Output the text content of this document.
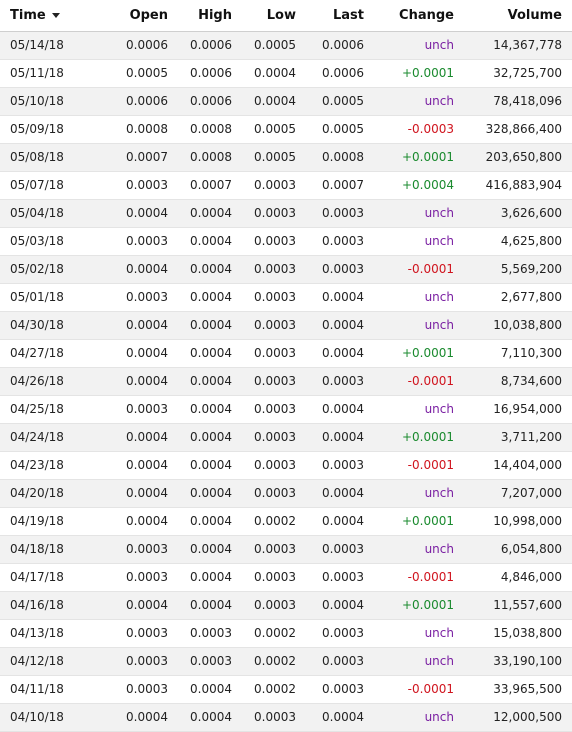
Time	Open	High	Low	Last	Change	Volume
05/14/18	0.0006	0.0006	0.0005	0.0006	unch	14,367,778
05/11/18	0.0005	0.0006	0.0004	0.0006	+0.0001	32,725,700
05/10/18	0.0006	0.0006	0.0004	0.0005	unch	78,418,096
05/09/18	0.0008	0.0008	0.0005	0.0005	-0.0003	328,866,400
05/08/18	0.0007	0.0008	0.0005	0.0008	+0.0001	203,650,800
05/07/18	0.0003	0.0007	0.0003	0.0007	+0.0004	416,883,904
05/04/18	0.0004	0.0004	0.0003	0.0003	unch	3,626,600
05/03/18	0.0003	0.0004	0.0003	0.0003	unch	4,625,800
05/02/18	0.0004	0.0004	0.0003	0.0003	-0.0001	5,569,200
05/01/18	0.0003	0.0004	0.0003	0.0004	unch	2,677,800
04/30/18	0.0004	0.0004	0.0003	0.0004	unch	10,038,800
04/27/18	0.0004	0.0004	0.0003	0.0004	+0.0001	7,110,300
04/26/18	0.0004	0.0004	0.0003	0.0003	-0.0001	8,734,600
04/25/18	0.0003	0.0004	0.0003	0.0004	unch	16,954,000
04/24/18	0.0004	0.0004	0.0003	0.0004	+0.0001	3,711,200
04/23/18	0.0004	0.0004	0.0003	0.0003	-0.0001	14,404,000
04/20/18	0.0004	0.0004	0.0003	0.0004	unch	7,207,000
04/19/18	0.0004	0.0004	0.0002	0.0004	+0.0001	10,998,000
04/18/18	0.0003	0.0004	0.0003	0.0003	unch	6,054,800
04/17/18	0.0003	0.0004	0.0003	0.0003	-0.0001	4,846,000
04/16/18	0.0004	0.0004	0.0003	0.0004	+0.0001	11,557,600
04/13/18	0.0003	0.0003	0.0002	0.0003	unch	15,038,800
04/12/18	0.0003	0.0003	0.0002	0.0003	unch	33,190,100
04/11/18	0.0003	0.0004	0.0002	0.0003	-0.0001	33,965,500
04/10/18	0.0004	0.0004	0.0003	0.0004	unch	12,000,500
